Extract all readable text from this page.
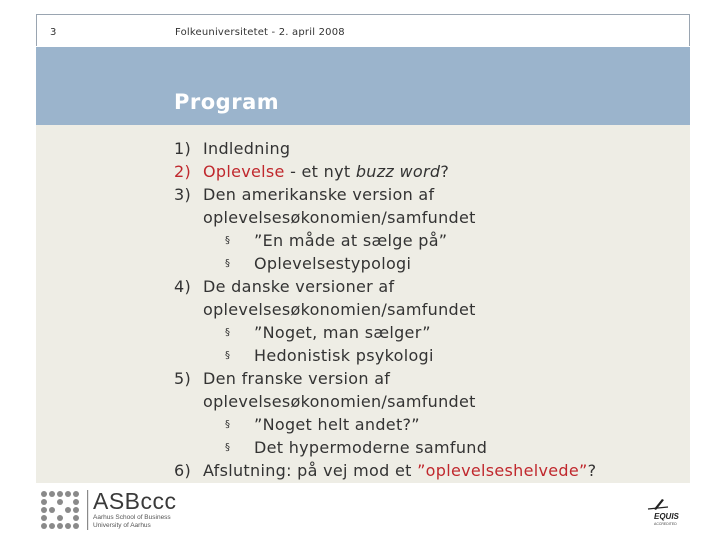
3	Folkeuniversitetet - 2. april 2008
Program
1) Indledning
2) Oplevelse - et nyt buzz word?
3) Den amerikanske version af
oplevelsesøkonomien/samfundet
§ ”En måde at sælge på”
§ Oplevelsestypologi
4) De danske versioner af
oplevelsesøkonomien/samfundet
§ ”Noget, man sælger”
§ Hedonistisk psykologi
5) Den franske version af
oplevelsesøkonomien/samfundet
§ ”Noget helt andet?”
§ Det hypermoderne samfund
6) Afslutning: på vej mod et ”oplevelseshelvede”?
ASBccc
Aarhus School of Business
University of Aarhus
EQUIS
ACCREDITED
